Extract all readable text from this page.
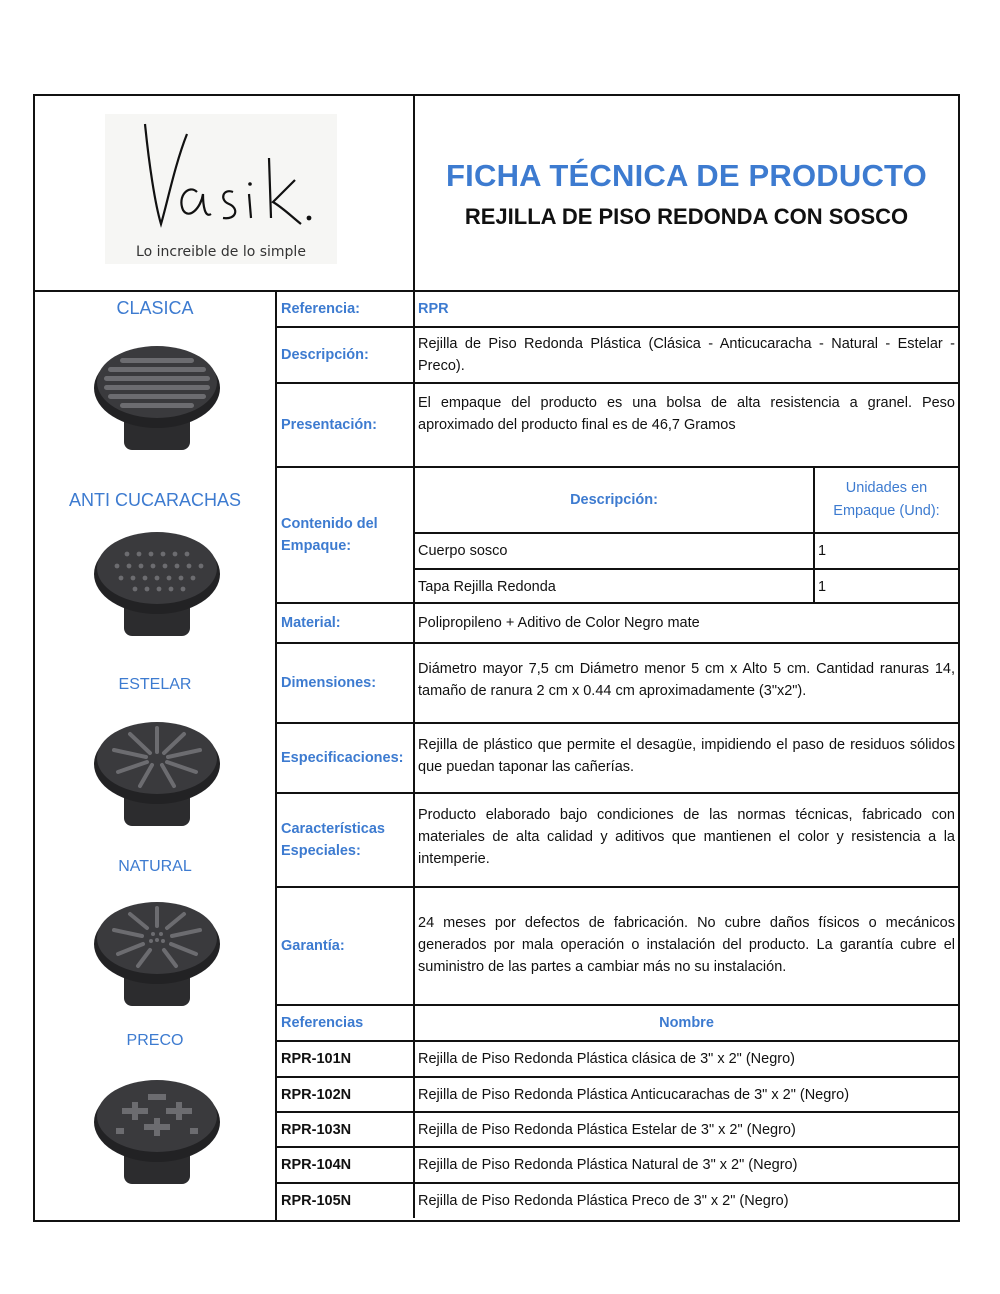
Lo increible de lo simple
FICHA TÉCNICA DE PRODUCTO
REJILLA DE PISO REDONDA CON SOSCO
CLASICA
ANTI CUCARACHAS
ESTELAR
NATURAL
PRECO
Referencia:	RPR
Descripción:
Rejilla de Piso Redonda Plástica (Clásica - Anticucaracha - Natural - Estelar - Preco).
Presentación:
El empaque del producto es una bolsa de alta resistencia a granel. Peso aproximado del producto final es de 46,7 Gramos
Contenido del Empaque:
Descripción:
Unidades en Empaque (Und):
Cuerpo sosco	1
Tapa Rejilla Redonda	1
Material:	Polipropileno + Aditivo de Color Negro mate
Dimensiones:
Diámetro mayor 7,5 cm Diámetro menor 5 cm x Alto 5 cm. Cantidad ranuras 14, tamaño de ranura 2 cm x 0.44 cm aproximadamente (3"x2").
Especificaciones:
Rejilla de plástico que permite el desagüe, impidiendo el paso de residuos sólidos que puedan taponar las cañerías.
Características Especiales:
Producto elaborado bajo condiciones de las normas técnicas, fabricado con materiales de alta calidad y aditivos que mantienen el color y resistencia a la intemperie.
Garantía:
24 meses por defectos de fabricación. No cubre daños físicos o mecánicos generados por mala operación o instalación del producto. La garantía cubre el suministro de las partes a cambiar más no su instalación.
Referencias	Nombre
RPR-101N	Rejilla de Piso Redonda Plástica clásica de 3" x 2" (Negro)
RPR-102N	Rejilla de Piso Redonda Plástica Anticucarachas de 3" x 2" (Negro)
RPR-103N	Rejilla de Piso Redonda Plástica Estelar de 3" x 2" (Negro)
RPR-104N	Rejilla de Piso Redonda Plástica Natural de 3" x 2" (Negro)
RPR-105N	Rejilla de Piso Redonda Plástica Preco de 3" x 2" (Negro)
